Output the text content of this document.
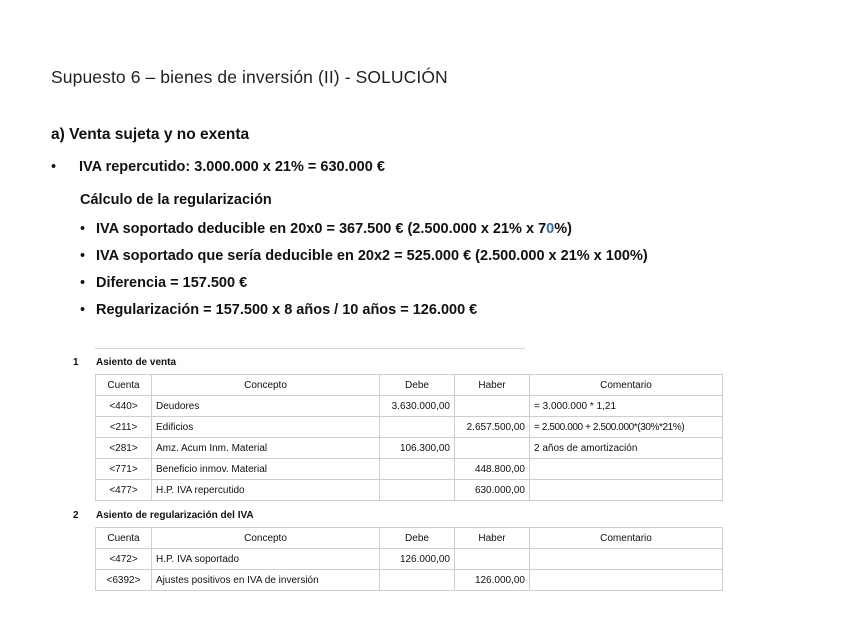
Supuesto 6 – bienes de inversión (II) - SOLUCIÓN
a) Venta sujeta y no exenta
•	IVA repercutido: 3.000.000 x 21% = 630.000 €
Cálculo de la regularización
• IVA soportado deducible en 20x0 = 367.500 € (2.500.000 x 21% x 70%)
• IVA soportado que sería deducible en 20x2 = 525.000 € (2.500.000 x 21% x 100%)
• Diferencia = 157.500 €
• Regularización = 157.500 x 8 años / 10 años = 126.000 €
1	Asiento de venta
Cuenta	Concepto	Debe	Haber	Comentario
<440>	Deudores	3.630.000,00		= 3.000.000 * 1,21
<211>	Edificios		2.657.500,00	= 2.500.000 + 2.500.000*(30%*21%)
<281>	Amz. Acum Inm. Material	106.300,00		2 años de amortización
<771>	Beneficio inmov. Material		448.800,00	
<477>	H.P. IVA repercutido		630.000,00	
2	Asiento de regularización del IVA
Cuenta	Concepto	Debe	Haber	Comentario
<472>	H.P. IVA soportado	126.000,00		
<6392>	Ajustes positivos en IVA de inversión		126.000,00	
